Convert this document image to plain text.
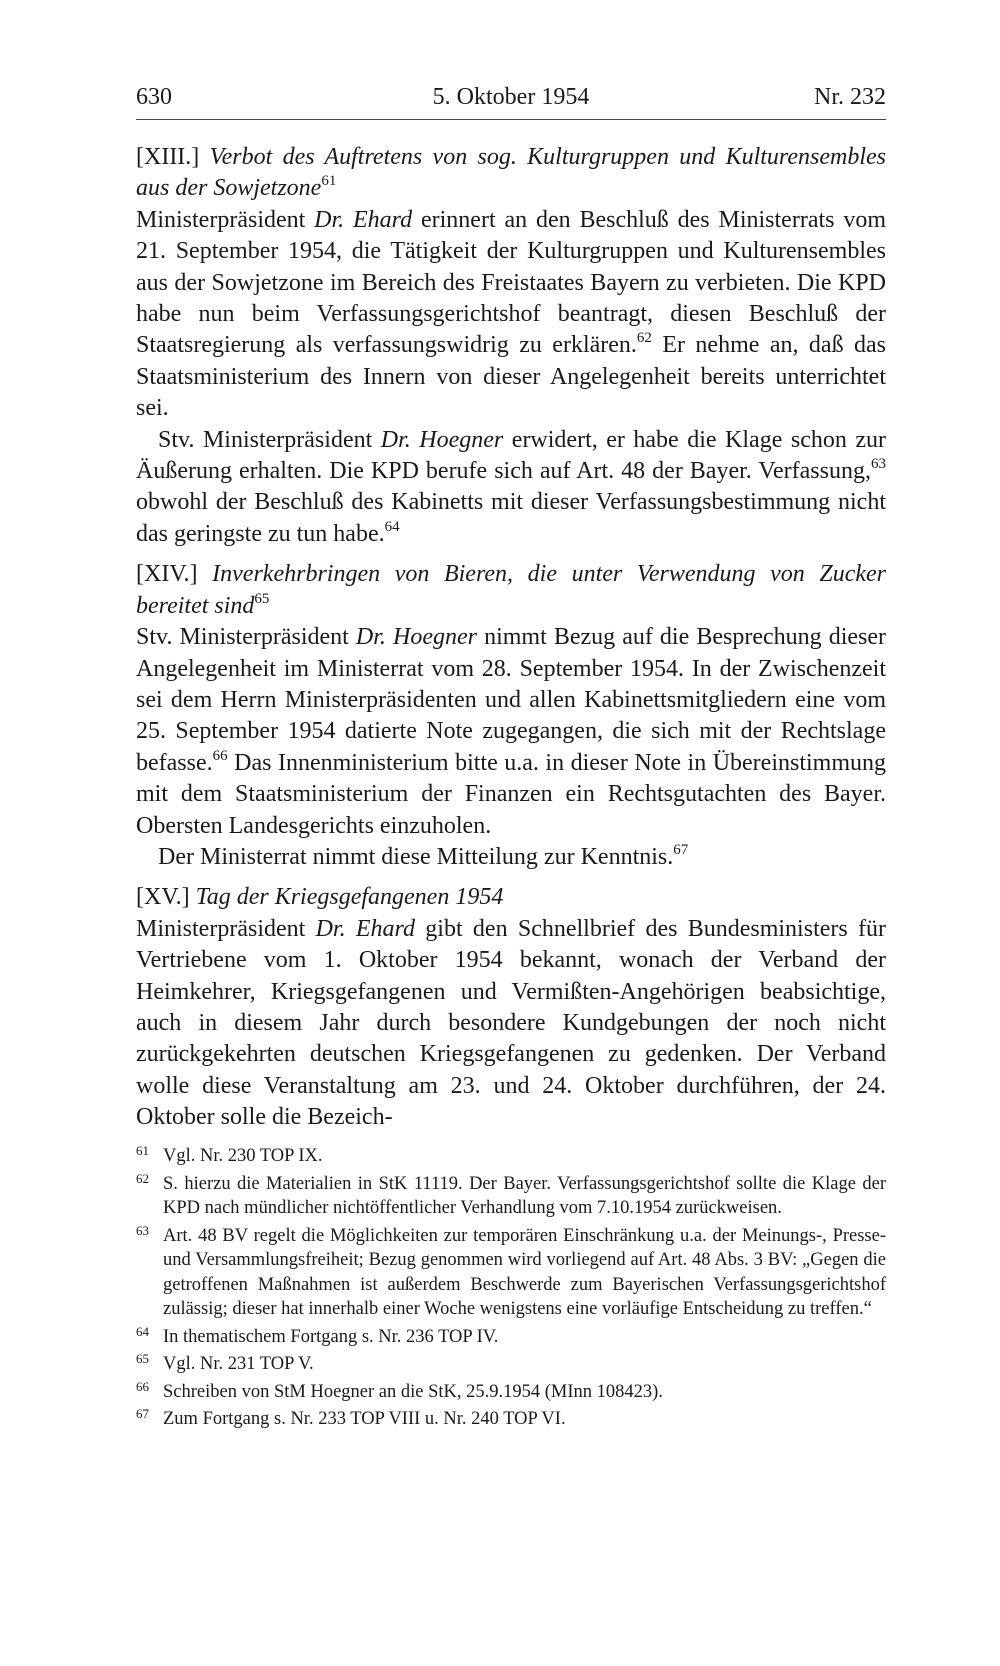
630	5. Oktober 1954	Nr. 232
[XIII.] Verbot des Auftretens von sog. Kulturgruppen und Kulturensembles aus der Sowjetzone$^{61}$

Ministerpräsident Dr. Ehard erinnert an den Beschluß des Ministerrats vom 21. September 1954, die Tätigkeit der Kulturgruppen und Kulturensembles aus der Sowjetzone im Bereich des Freistaates Bayern zu verbieten. Die KPD habe nun beim Verfassungsgerichtshof beantragt, diesen Beschluß der Staatsregierung als verfassungswidrig zu erklären.$^{62}$ Er nehme an, daß das Staatsministerium des Innern von dieser Angelegenheit bereits unterrichtet sei.

Stv. Ministerpräsident Dr. Hoegner erwidert, er habe die Klage schon zur Äußerung erhalten. Die KPD berufe sich auf Art. 48 der Bayer. Verfassung,$^{63}$ obwohl der Beschluß des Kabinetts mit dieser Verfassungsbestimmung nicht das geringste zu tun habe.$^{64}$

[XIV.] Inverkehrbringen von Bieren, die unter Verwendung von Zucker bereitet sind$^{65}$

Stv. Ministerpräsident Dr. Hoegner nimmt Bezug auf die Besprechung dieser Angelegenheit im Ministerrat vom 28. September 1954. In der Zwischenzeit sei dem Herrn Ministerpräsidenten und allen Kabinettsmitgliedern eine vom 25. September 1954 datierte Note zugegangen, die sich mit der Rechtslage befasse.$^{66}$ Das Innenministerium bitte u.a. in dieser Note in Übereinstimmung mit dem Staatsministerium der Finanzen ein Rechtsgutachten des Bayer. Obersten Landesgerichts einzuholen.

Der Ministerrat nimmt diese Mitteilung zur Kenntnis.$^{67}$

[XV.] Tag der Kriegsgefangenen 1954

Ministerpräsident Dr. Ehard gibt den Schnellbrief des Bundesministers für Vertriebene vom 1. Oktober 1954 bekannt, wonach der Verband der Heimkehrer, Kriegsgefangenen und Vermißten-Angehörigen beabsichtige, auch in diesem Jahr durch besondere Kundgebungen der noch nicht zurückgekehrten deutschen Kriegsgefangenen zu gedenken. Der Verband wolle diese Veranstaltung am 23. und 24. Oktober durchführen, der 24. Oktober solle die Bezeich-

61 Vgl. Nr. 230 TOP IX.
62 S. hierzu die Materialien in StK 11119. Der Bayer. Verfassungsgerichtshof sollte die Klage der KPD nach mündlicher nichtöffentlicher Verhandlung vom 7.10.1954 zurückweisen.
63 Art. 48 BV regelt die Möglichkeiten zur temporären Einschränkung u.a. der Meinungs-, Presse- und Versammlungsfreiheit; Bezug genommen wird vorliegend auf Art. 48 Abs. 3 BV: „Gegen die getroffenen Maßnahmen ist außerdem Beschwerde zum Bayerischen Verfassungsgerichtshof zulässig; dieser hat innerhalb einer Woche wenigstens eine vorläufige Entscheidung zu treffen.“
64 In thematischem Fortgang s. Nr. 236 TOP IV.
65 Vgl. Nr. 231 TOP V.
66 Schreiben von StM Hoegner an die StK, 25.9.1954 (MInn 108423).
67 Zum Fortgang s. Nr. 233 TOP VIII u. Nr. 240 TOP VI.
